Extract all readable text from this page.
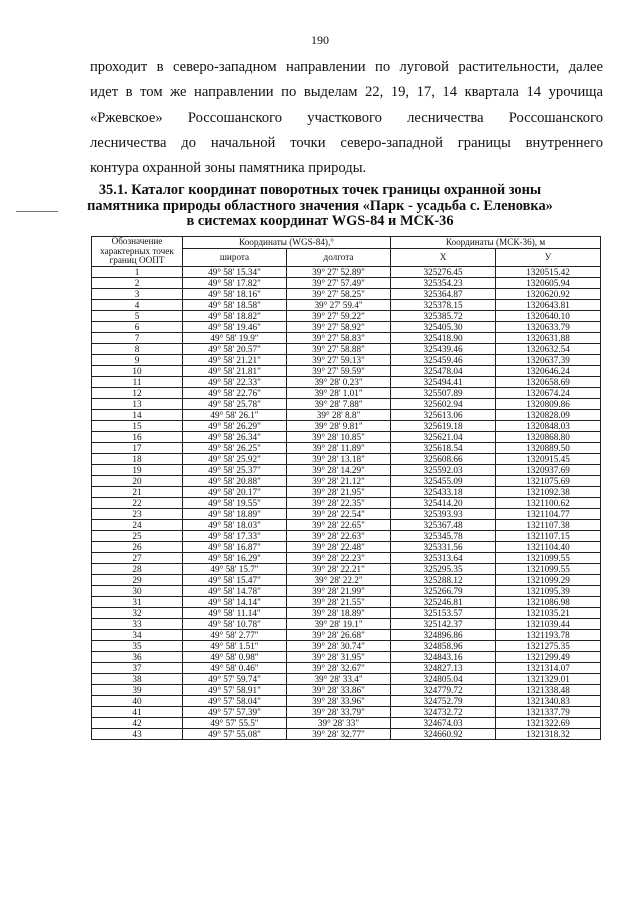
190
проходит в северо-западном направлении по луговой растительности, далее
идет в том же направлении по выделам 22, 19, 17, 14 квартала 14 урочища
«Ржевское» Россошанского участкового лесничества Россошанского
лесничества до начальной точки северо-западной границы внутреннего
контура охранной зоны памятника природы.
35.1. Каталог координат поворотных точек границы охранной зоны
памятника природы областного значения «Парк - усадьба с. Еленовка»
в системах координат WGS-84 и МСК-36
Обозначение характерных точек границ ООПТ	Координаты (WGS-84),°		Координаты (МСК-36), м	
	широта	долгота	X	У
1	49° 58' 15.34"	39° 27' 52.89"	325276.45	1320515.42
2	49° 58' 17.82"	39° 27' 57.49"	325354.23	1320605.94
3	49° 58' 18.16"	39° 27' 58.25"	325364.87	1320620.92
4	49° 58' 18.58"	39° 27' 59.4"	325378.15	1320643.81
5	49° 58' 18.82"	39° 27' 59.22"	325385.72	1320640.10
6	49° 58' 19.46"	39° 27' 58.92"	325405.30	1320633.79
7	49° 58' 19.9"	39° 27' 58.83"	325418.90	1320631.88
8	49° 58' 20.57"	39° 27' 58.88"	325439.46	1320632.54
9	49° 58' 21.21"	39° 27' 59.13"	325459.46	1320637.39
10	49° 58' 21.81"	39° 27' 59.59"	325478.04	1320646.24
11	49° 58' 22.33"	39° 28' 0.23"	325494.41	1320658.69
12	49° 58' 22.76"	39° 28' 1.01"	325507.89	1320674.24
13	49° 58' 25.78"	39° 28' 7.88"	325602.94	1320809.86
14	49° 58' 26.1"	39° 28' 8.8"	325613.06	1320828.09
15	49° 58' 26.29"	39° 28' 9.81"	325619.18	1320848.03
16	49° 58' 26.34"	39° 28' 10.85"	325621.04	1320868.80
17	49° 58' 26.25"	39° 28' 11.89"	325618.54	1320889.50
18	49° 58' 25.92"	39° 28' 13.18"	325608.66	1320915.45
19	49° 58' 25.37"	39° 28' 14.29"	325592.03	1320937.69
20	49° 58' 20.88"	39° 28' 21.12"	325455.09	1321075.69
21	49° 58' 20.17"	39° 28' 21.95"	325433.18	1321092.38
22	49° 58' 19.55"	39° 28' 22.35"	325414.20	1321100.62
23	49° 58' 18.89"	39° 28' 22.54"	325393.93	1321104.77
24	49° 58' 18.03"	39° 28' 22.65"	325367.48	1321107.38
25	49° 58' 17.33"	39° 28' 22.63"	325345.78	1321107.15
26	49° 58' 16.87"	39° 28' 22.48"	325331.56	1321104.40
27	49° 58' 16.29"	39° 28' 22.23"	325313.64	1321099.55
28	49° 58' 15.7"	39° 28' 22.21"	325295.35	1321099.55
29	49° 58' 15.47"	39° 28' 22.2"	325288.12	1321099.29
30	49° 58' 14.78"	39° 28' 21.99"	325266.79	1321095.39
31	49° 58' 14.14"	39° 28' 21.55"	325246.81	1321086.98
32	49° 58' 11.14"	39° 28' 18.89"	325153.57	1321035.21
33	49° 58' 10.78"	39° 28' 19.1"	325142.37	1321039.44
34	49° 58' 2.77"	39° 28' 26.68"	324896.86	1321193.78
35	49° 58' 1.51"	39° 28' 30.74"	324858.96	1321275.35
36	49° 58' 0.98"	39° 28' 31.95"	324843.16	1321299.49
37	49° 58' 0.46"	39° 28' 32.67"	324827.13	1321314.07
38	49° 57' 59.74"	39° 28' 33.4"	324805.04	1321329.01
39	49° 57' 58.91"	39° 28' 33.86"	324779.72	1321338.48
40	49° 57' 58.04"	39° 28' 33.96"	324752.79	1321340.83
41	49° 57' 57.39"	39° 28' 33.79"	324732.72	1321337.79
42	49° 57' 55.5"	39° 28' 33"	324674.03	1321322.69
43	49° 57' 55.08"	39° 28' 32.77"	324660.92	1321318.32
